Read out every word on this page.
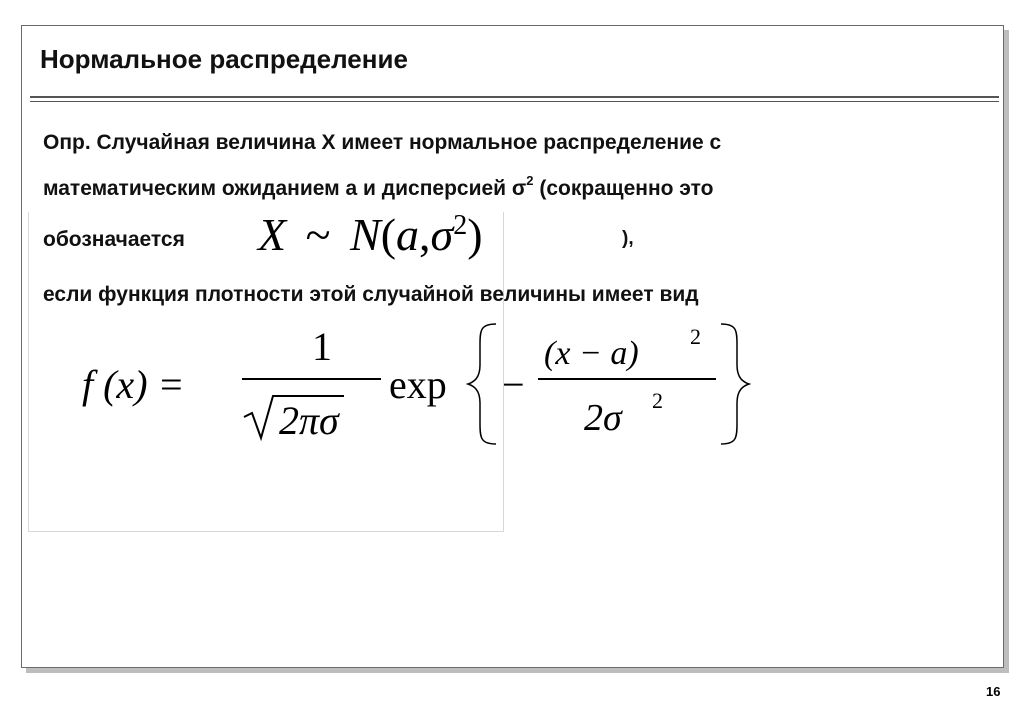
Нормальное распределение
Опр. Случайная величина X имеет нормальное распределение с
математическим ожиданием а и дисперсией $\sigma^2$ (сокращенно это
обозначается X ~ $N(a,\sigma^2)$	),
если функция плотности этой случайной величины имеет вид
f (x) =
1
2πσ
exp −
(x − a) 2
2σ 2
16
